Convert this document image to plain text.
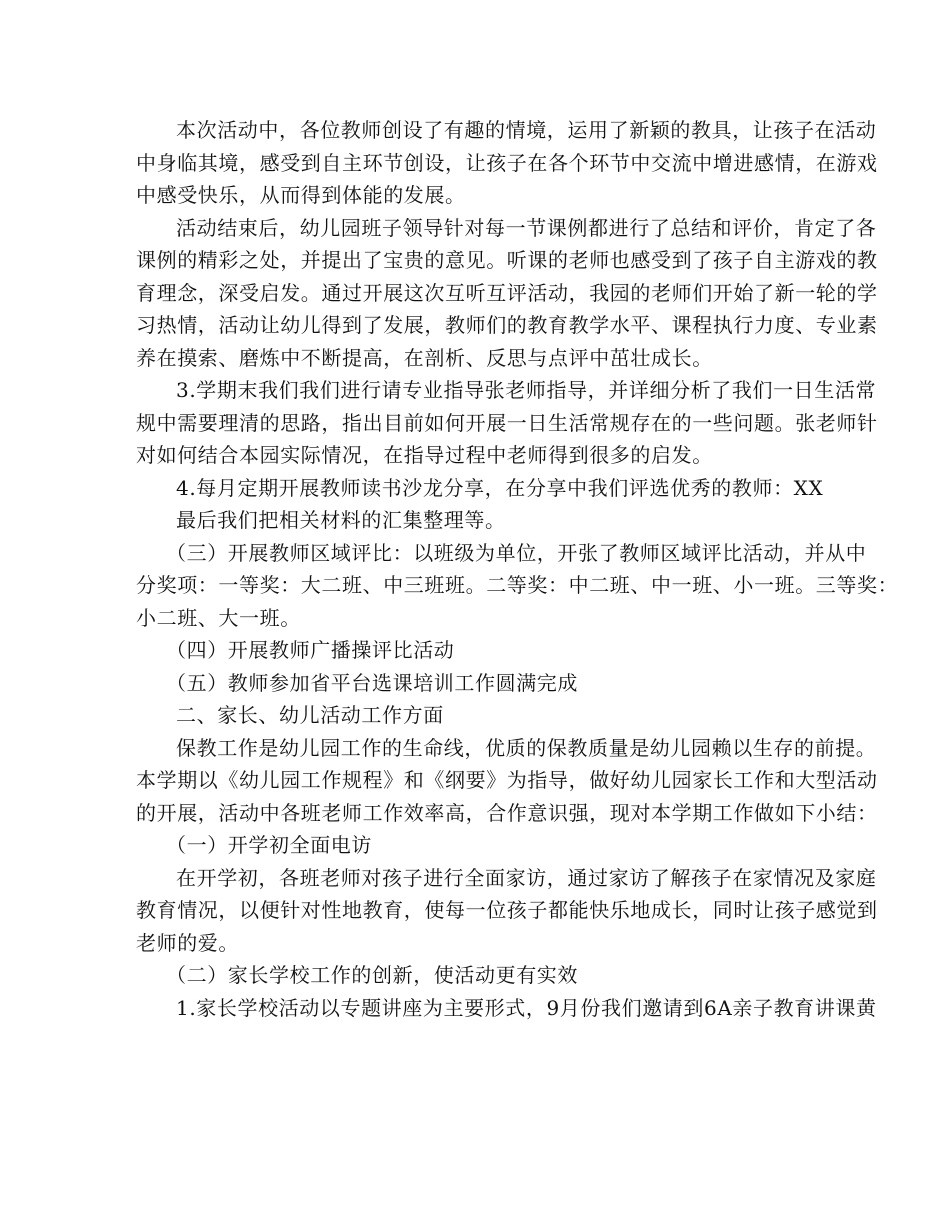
本次活动中，各位教师创设了有趣的情境，运用了新颖的教具，让孩子在活动
中身临其境，感受到自主环节创设，让孩子在各个环节中交流中增进感情，在游戏
中感受快乐，从而得到体能的发展。
活动结束后，幼儿园班子领导针对每一节课例都进行了总结和评价，肯定了各
课例的精彩之处，并提出了宝贵的意见。听课的老师也感受到了孩子自主游戏的教
育理念，深受启发。通过开展这次互听互评活动，我园的老师们开始了新一轮的学
习热情，活动让幼儿得到了发展，教师们的教育教学水平、课程执行力度、专业素
养在摸索、磨炼中不断提高，在剖析、反思与点评中茁壮成长。
3.学期末我们我们进行请专业指导张老师指导，并详细分析了我们一日生活常
规中需要理清的思路，指出目前如何开展一日生活常规存在的一些问题。张老师针
对如何结合本园实际情况，在指导过程中老师得到很多的启发。
4.每月定期开展教师读书沙龙分享，在分享中我们评选优秀的教师：XX
最后我们把相关材料的汇集整理等。
（三）开展教师区域评比：以班级为单位，开张了教师区域评比活动，并从中
分奖项：一等奖：大二班、中三班班。二等奖：中二班、中一班、小一班。三等奖：
小二班、大一班。
（四）开展教师广播操评比活动
（五）教师参加省平台选课培训工作圆满完成
二、家长、幼儿活动工作方面
保教工作是幼儿园工作的生命线，优质的保教质量是幼儿园赖以生存的前提。
本学期以《幼儿园工作规程》和《纲要》为指导，做好幼儿园家长工作和大型活动
的开展，活动中各班老师工作效率高，合作意识强，现对本学期工作做如下小结：
（一）开学初全面电访
在开学初，各班老师对孩子进行全面家访，通过家访了解孩子在家情况及家庭
教育情况，以便针对性地教育，使每一位孩子都能快乐地成长，同时让孩子感觉到
老师的爱。
（二）家长学校工作的创新，使活动更有实效
1.家长学校活动以专题讲座为主要形式，9月份我们邀请到6A亲子教育讲课黄
